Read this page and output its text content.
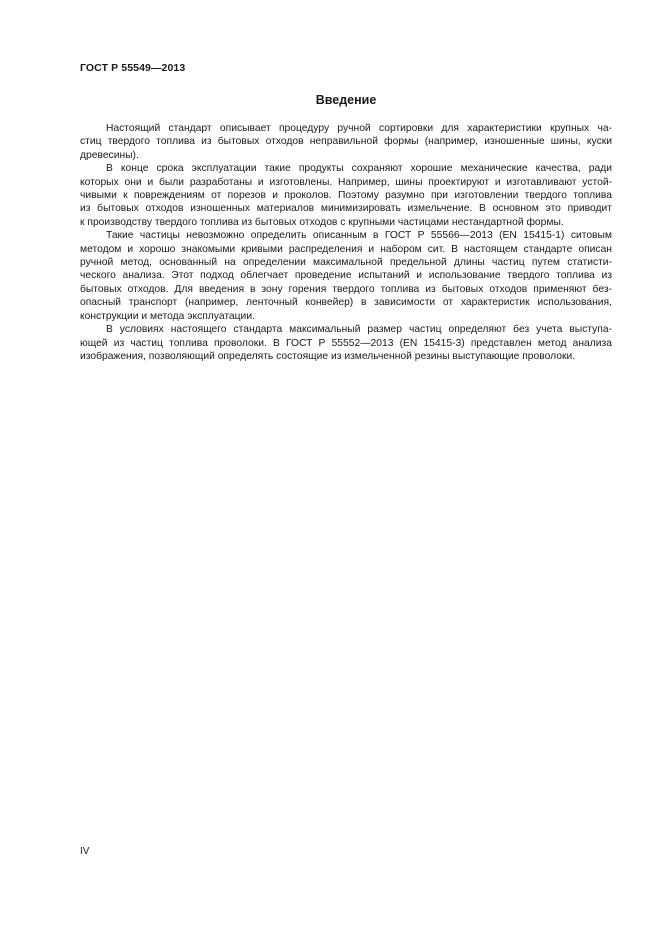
ГОСТ Р 55549—2013
Введение
Настоящий стандарт описывает процедуру ручной сортировки для характеристики крупных ча-
стиц твердого топлива из бытовых отходов неправильной формы (например, изношенные шины, куски
древесины).
В конце срока эксплуатации такие продукты сохраняют хорошие механические качества, ради
которых они и были разработаны и изготовлены. Например, шины проектируют и изготавливают устой-
чивыми к повреждениям от порезов и проколов. Поэтому разумно при изготовлении твердого топлива
из бытовых отходов изношенных материалов минимизировать измельчение. В основном это приводит
к производству твердого топлива из бытовых отходов с крупными частицами нестандартной формы.
Такие частицы невозможно определить описанным в ГОСТ Р 55566—2013 (EN 15415-1) ситовым
методом и хорошо знакомыми кривыми распределения и набором сит. В настоящем стандарте описан
ручной метод, основанный на определении максимальной предельной длины частиц путем статисти-
ческого анализа. Этот подход облегчает проведение испытаний и использование твердого топлива из
бытовых отходов. Для введения в зону горения твердого топлива из бытовых отходов применяют без-
опасный транспорт (например, ленточный конвейер) в зависимости от характеристик использования,
конструкции и метода эксплуатации.
В условиях настоящего стандарта максимальный размер частиц определяют без учета выступа-
ющей из частиц топлива проволоки. В ГОСТ Р 55552—2013 (EN 15415-3) представлен метод анализа
изображения, позволяющий определять состоящие из измельченной резины выступающие проволоки.
IV
